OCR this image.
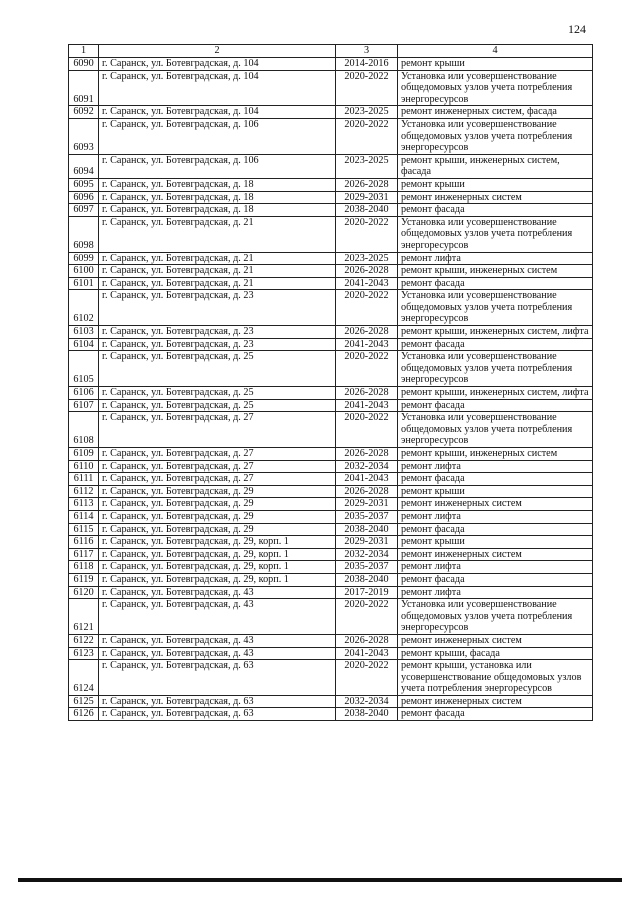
124
1	2	3	4
6090	г. Саранск, ул. Ботевградская, д. 104	2014-2016	ремонт крыши
6091	г. Саранск, ул. Ботевградская, д. 104	2020-2022	Установка или усовершенствование общедомовых узлов учета потребления энергоресурсов
6092	г. Саранск, ул. Ботевградская, д. 104	2023-2025	ремонт инженерных систем, фасада
6093	г. Саранск, ул. Ботевградская, д. 106	2020-2022	Установка или усовершенствование общедомовых узлов учета потребления энергоресурсов
6094	г. Саранск, ул. Ботевградская, д. 106	2023-2025	ремонт крыши, инженерных систем, фасада
6095	г. Саранск, ул. Ботевградская, д. 18	2026-2028	ремонт крыши
6096	г. Саранск, ул. Ботевградская, д. 18	2029-2031	ремонт инженерных систем
6097	г. Саранск, ул. Ботевградская, д. 18	2038-2040	ремонт фасада
6098	г. Саранск, ул. Ботевградская, д. 21	2020-2022	Установка или усовершенствование общедомовых узлов учета потребления энергоресурсов
6099	г. Саранск, ул. Ботевградская, д. 21	2023-2025	ремонт лифта
6100	г. Саранск, ул. Ботевградская, д. 21	2026-2028	ремонт крыши, инженерных систем
6101	г. Саранск, ул. Ботевградская, д. 21	2041-2043	ремонт фасада
6102	г. Саранск, ул. Ботевградская, д. 23	2020-2022	Установка или усовершенствование общедомовых узлов учета потребления энергоресурсов
6103	г. Саранск, ул. Ботевградская, д. 23	2026-2028	ремонт крыши, инженерных систем, лифта
6104	г. Саранск, ул. Ботевградская, д. 23	2041-2043	ремонт фасада
6105	г. Саранск, ул. Ботевградская, д. 25	2020-2022	Установка или усовершенствование общедомовых узлов учета потребления энергоресурсов
6106	г. Саранск, ул. Ботевградская, д. 25	2026-2028	ремонт крыши, инженерных систем, лифта
6107	г. Саранск, ул. Ботевградская, д. 25	2041-2043	ремонт фасада
6108	г. Саранск, ул. Ботевградская, д. 27	2020-2022	Установка или усовершенствование общедомовых узлов учета потребления энергоресурсов
6109	г. Саранск, ул. Ботевградская, д. 27	2026-2028	ремонт крыши, инженерных систем
6110	г. Саранск, ул. Ботевградская, д. 27	2032-2034	ремонт лифта
6111	г. Саранск, ул. Ботевградская, д. 27	2041-2043	ремонт фасада
6112	г. Саранск, ул. Ботевградская, д. 29	2026-2028	ремонт крыши
6113	г. Саранск, ул. Ботевградская, д. 29	2029-2031	ремонт инженерных систем
6114	г. Саранск, ул. Ботевградская, д. 29	2035-2037	ремонт лифта
6115	г. Саранск, ул. Ботевградская, д. 29	2038-2040	ремонт фасада
6116	г. Саранск, ул. Ботевградская, д. 29, корп. 1	2029-2031	ремонт крыши
6117	г. Саранск, ул. Ботевградская, д. 29, корп. 1	2032-2034	ремонт инженерных систем
6118	г. Саранск, ул. Ботевградская, д. 29, корп. 1	2035-2037	ремонт лифта
6119	г. Саранск, ул. Ботевградская, д. 29, корп. 1	2038-2040	ремонт фасада
6120	г. Саранск, ул. Ботевградская, д. 43	2017-2019	ремонт лифта
6121	г. Саранск, ул. Ботевградская, д. 43	2020-2022	Установка или усовершенствование общедомовых узлов учета потребления энергоресурсов
6122	г. Саранск, ул. Ботевградская, д. 43	2026-2028	ремонт инженерных систем
6123	г. Саранск, ул. Ботевградская, д. 43	2041-2043	ремонт крыши, фасада
6124	г. Саранск, ул. Ботевградская, д. 63	2020-2022	ремонт крыши, установка или усовершенствование общедомовых узлов учета потребления энергоресурсов
6125	г. Саранск, ул. Ботевградская, д. 63	2032-2034	ремонт инженерных систем
6126	г. Саранск, ул. Ботевградская, д. 63	2038-2040	ремонт фасада
